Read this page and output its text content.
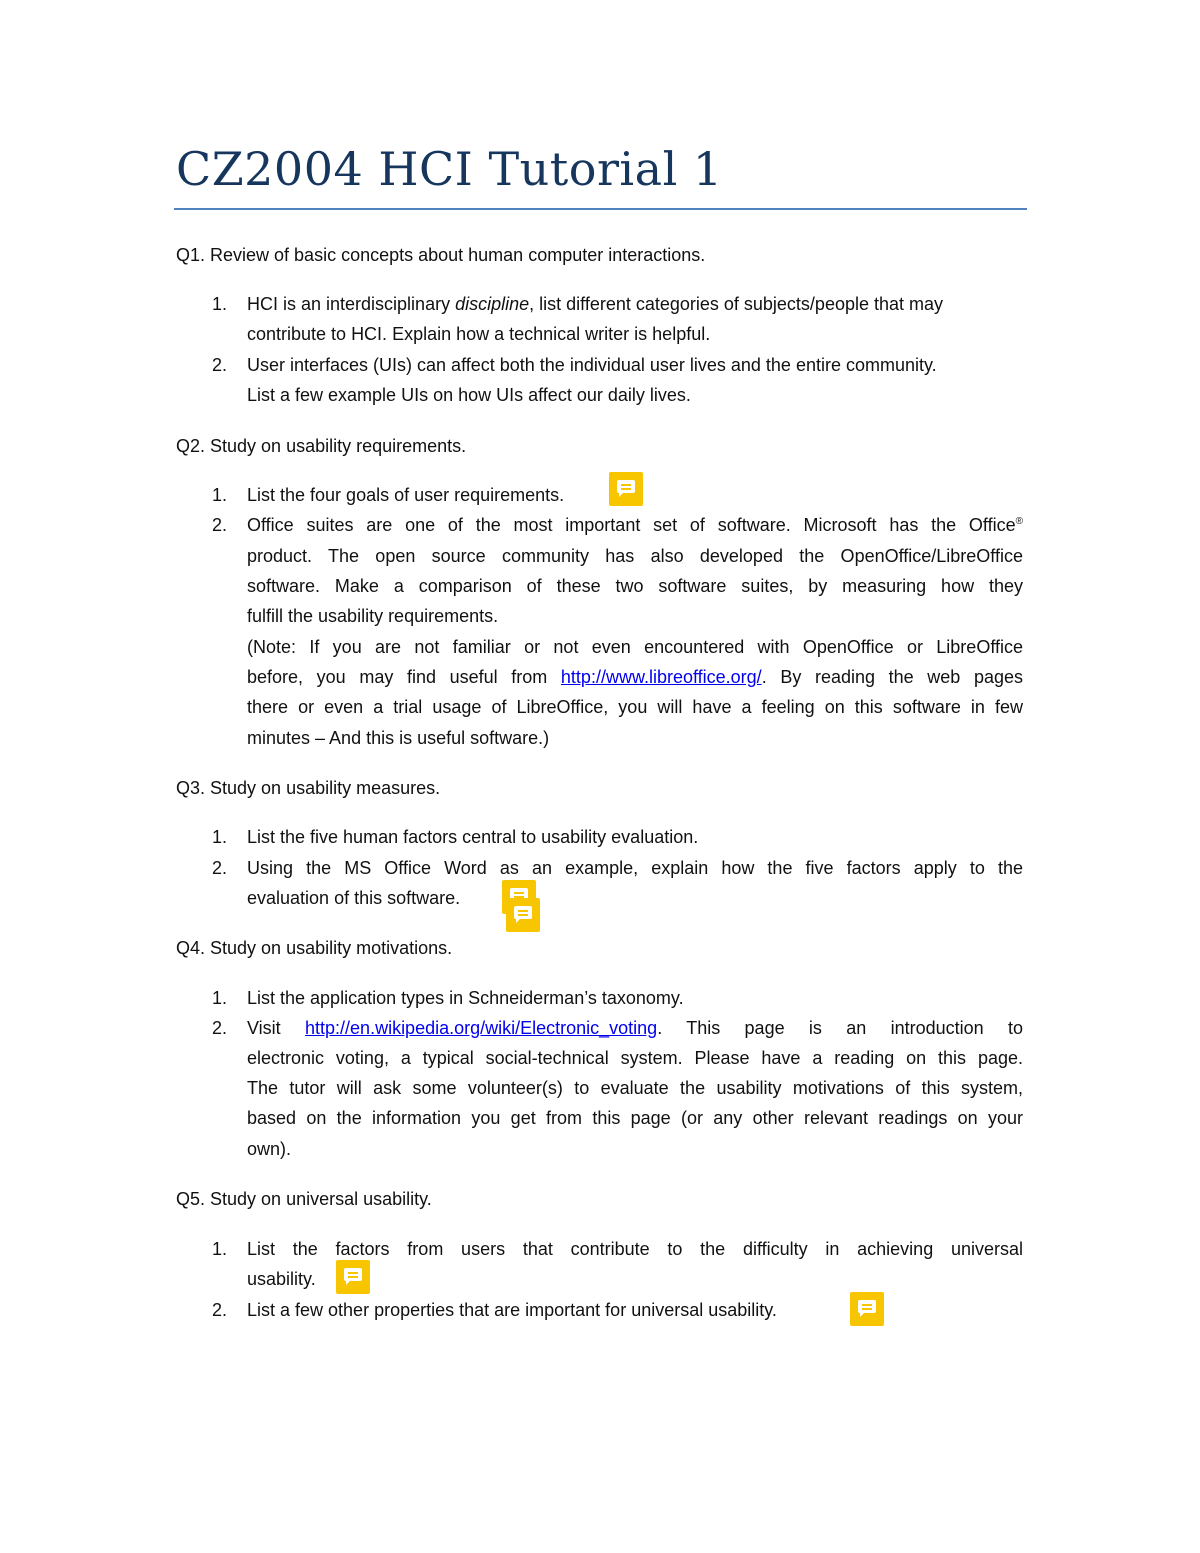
CZ2004 HCI Tutorial 1
Q1. Review of basic concepts about human computer interactions.
1.	HCI is an interdisciplinary discipline, list different categories of subjects/people that may
contribute to HCI. Explain how a technical writer is helpful.
2.	User interfaces (UIs) can affect both the individual user lives and the entire community.
List a few example UIs on how UIs affect our daily lives.
Q2. Study on usability requirements.
1.	List the four goals of user requirements.
2.	Office suites are one of the most important set of software. Microsoft has the Office®
product. The open source community has also developed the OpenOffice/LibreOffice
software. Make a comparison of these two software suites, by measuring how they
fulfill the usability requirements.
(Note: If you are not familiar or not even encountered with OpenOffice or LibreOffice
before, you may find useful from http://www.libreoffice.org/. By reading the web pages
there or even a trial usage of LibreOffice, you will have a feeling on this software in few
minutes – And this is useful software.)
Q3. Study on usability measures.
1.	List the five human factors central to usability evaluation.
2.	Using the MS Office Word as an example, explain how the five factors apply to the
evaluation of this software.
Q4. Study on usability motivations.
1.	List the application types in Schneiderman’s taxonomy.
2.	Visit http://en.wikipedia.org/wiki/Electronic_voting. This page is an introduction to
electronic voting, a typical social-technical system. Please have a reading on this page.
The tutor will ask some volunteer(s) to evaluate the usability motivations of this system,
based on the information you get from this page (or any other relevant readings on your
own).
Q5. Study on universal usability.
1.	List the factors from users that contribute to the difficulty in achieving universal
usability.
2.	List a few other properties that are important for universal usability.
